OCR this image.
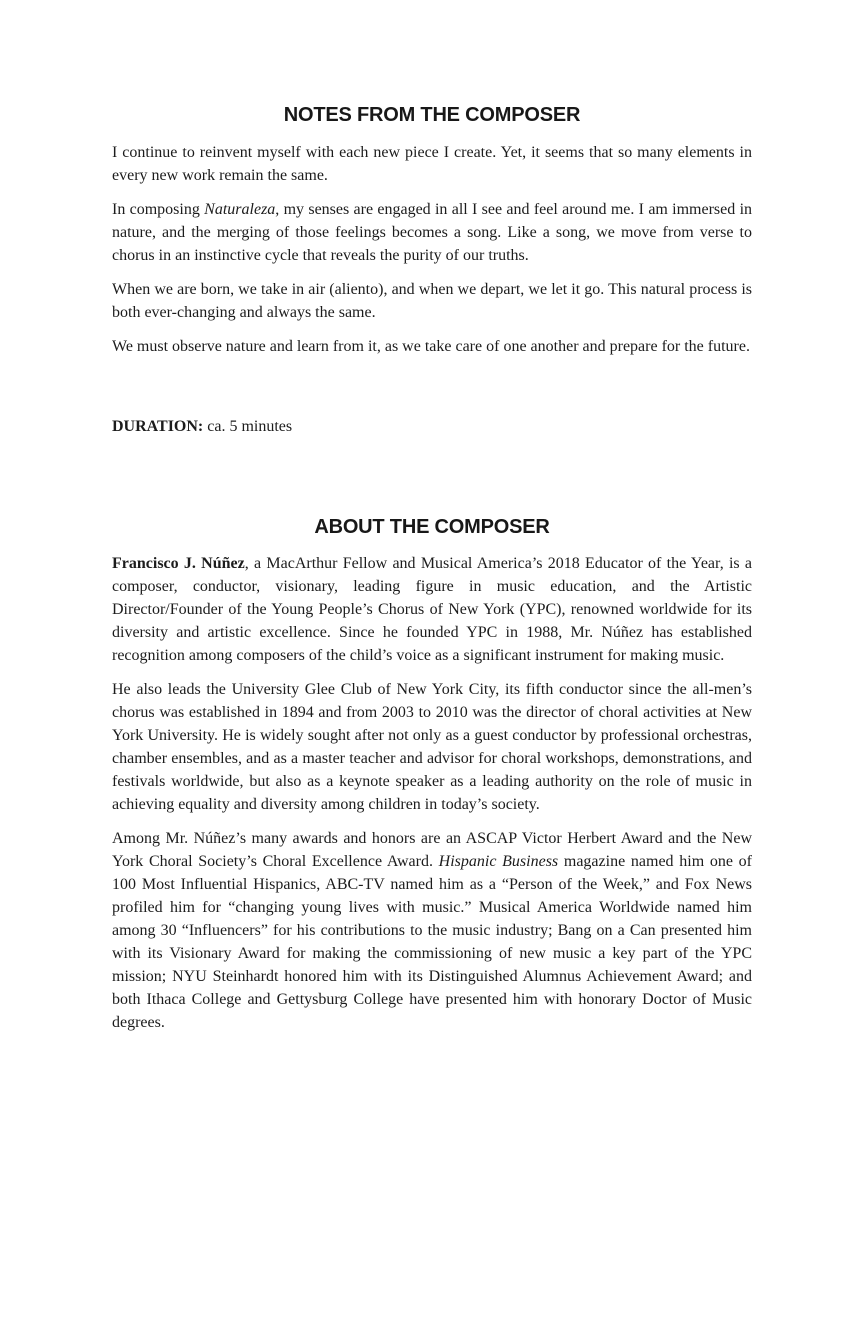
NOTES FROM THE COMPOSER

I continue to reinvent myself with each new piece I create. Yet, it seems that so many elements in every new work remain the same.

In composing Naturaleza, my senses are engaged in all I see and feel around me. I am immersed in nature, and the merging of those feelings becomes a song. Like a song, we move from verse to chorus in an instinctive cycle that reveals the purity of our truths.

When we are born, we take in air (aliento), and when we depart, we let it go. This natural process is both ever-changing and always the same.

We must observe nature and learn from it, as we take care of one another and prepare for the future.

DURATION: ca. 5 minutes

ABOUT THE COMPOSER

Francisco J. Núñez, a MacArthur Fellow and Musical America’s 2018 Educator of the Year, is a composer, conductor, visionary, leading figure in music education, and the Artistic Director/Founder of the Young People’s Chorus of New York (YPC), renowned worldwide for its diversity and artistic excellence. Since he founded YPC in 1988, Mr. Núñez has established recognition among composers of the child’s voice as a significant instrument for making music.

He also leads the University Glee Club of New York City, its fifth conductor since the all-men’s chorus was established in 1894 and from 2003 to 2010 was the director of choral activities at New York University. He is widely sought after not only as a guest conductor by professional orchestras, chamber ensembles, and as a master teacher and advisor for choral workshops, demonstrations, and festivals worldwide, but also as a keynote speaker as a leading authority on the role of music in achieving equality and diversity among children in today’s society.

Among Mr. Núñez’s many awards and honors are an ASCAP Victor Herbert Award and the New York Choral Society’s Choral Excellence Award. Hispanic Business magazine named him one of 100 Most Influential Hispanics, ABC-TV named him as a “Person of the Week,” and Fox News profiled him for “changing young lives with music.” Musical America Worldwide named him among 30 “Influencers” for his contributions to the music industry; Bang on a Can presented him with its Visionary Award for making the commissioning of new music a key part of the YPC mission; NYU Steinhardt honored him with its Distinguished Alumnus Achievement Award; and both Ithaca College and Gettysburg College have presented him with honorary Doctor of Music degrees.
